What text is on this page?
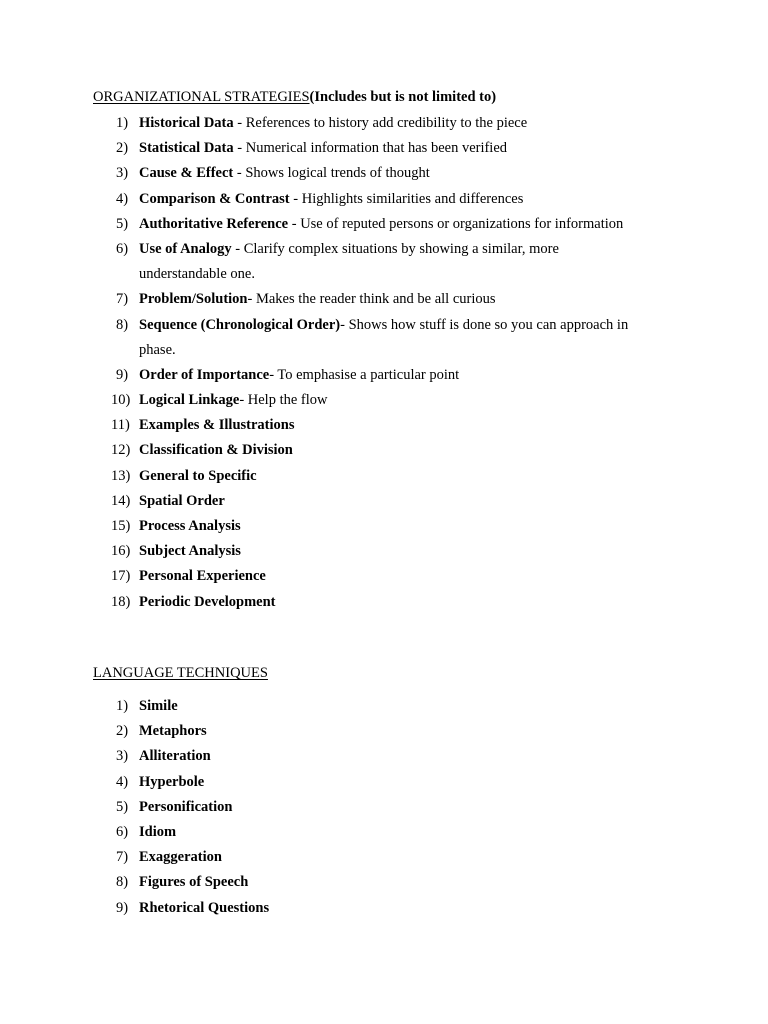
ORGANIZATIONAL STRATEGIES(Includes but is not limited to)
1) Historical Data - References to history add credibility to the piece
2) Statistical Data - Numerical information that has been verified
3) Cause & Effect - Shows logical trends of thought
4) Comparison & Contrast - Highlights similarities and differences
5) Authoritative Reference - Use of reputed persons or organizations for information
6) Use of Analogy - Clarify complex situations by showing a similar, more
understandable one.
7) Problem/Solution- Makes the reader think and be all curious
8) Sequence (Chronological Order)- Shows how stuff is done so you can approach in
phase.
9) Order of Importance- To emphasise a particular point
10) Logical Linkage- Help the flow
11) Examples & Illustrations
12) Classification & Division
13) General to Specific
14) Spatial Order
15) Process Analysis
16) Subject Analysis
17) Personal Experience
18) Periodic Development
LANGUAGE TECHNIQUES
1) Simile
2) Metaphors
3) Alliteration
4) Hyperbole
5) Personification
6) Idiom
7) Exaggeration
8) Figures of Speech
9) Rhetorical Questions
